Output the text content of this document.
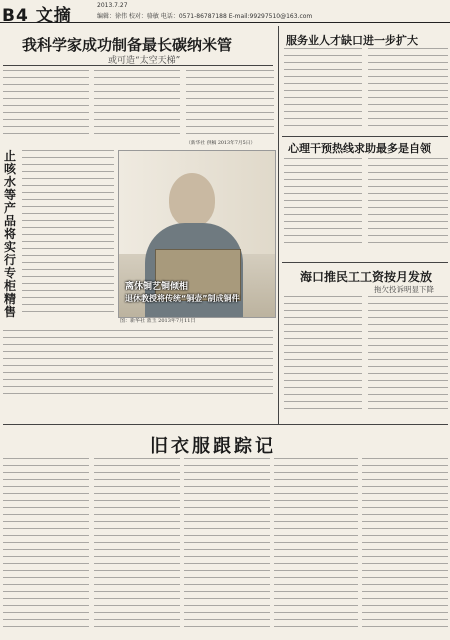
B4 文摘
2013.7.27
编辑：徐伟 校对：骆敏 电话：0571-86787188 E-mail:99297510@163.com
我科学家成功制备最长碳纳米管
或可造“太空天梯”
（新华社 供稿 2013年7月5日）
止
咳
水
等
产
品
将
实
行
专
柜
精
售
离休铜艺铜倾相
退休教授将传统“铜壶”制成铜件
图：新华社 蓝玉 2013年7月11日
服务业人才缺口进一步扩大
心理干预热线求助最多是自领
海口推民工工资按月发放
拖欠投诉明显下降
旧衣服跟踪记
